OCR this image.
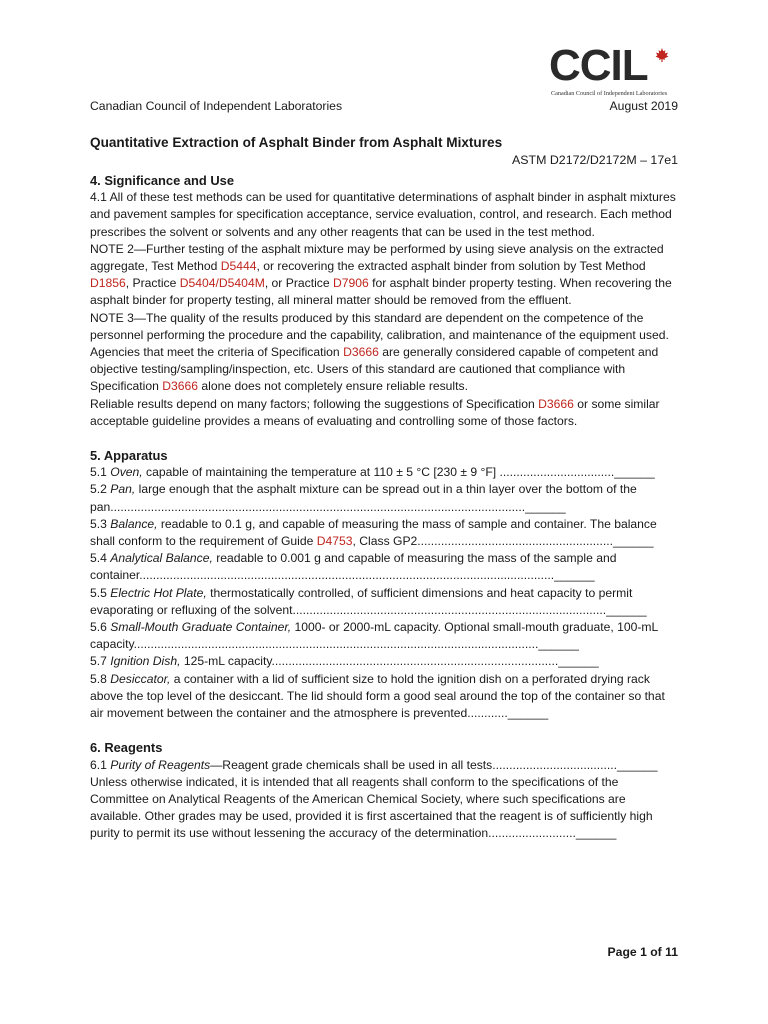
CCIL
Canadian Council of Independent Laboratories
Canadian Council of Independent Laboratories	August 2019
Quantitative Extraction of Asphalt Binder from Asphalt Mixtures
ASTM D2172/D2172M – 17e1

4. Significance and Use

4.1 All of these test methods can be used for quantitative determinations of asphalt binder in asphalt mixtures and pavement samples for specification acceptance, service evaluation, control, and research. Each method prescribes the solvent or solvents and any other reagents that can be used in the test method.

NOTE 2—Further testing of the asphalt mixture may be performed by using sieve analysis on the extracted aggregate, Test Method D5444, or recovering the extracted asphalt binder from solution by Test Method D1856, Practice D5404/D5404M, or Practice D7906 for asphalt binder property testing. When recovering the asphalt binder for property testing, all mineral matter should be removed from the effluent.

NOTE 3—The quality of the results produced by this standard are dependent on the competence of the personnel performing the procedure and the capability, calibration, and maintenance of the equipment used. Agencies that meet the criteria of Specification D3666 are generally considered capable of competent and objective testing/sampling/inspection, etc. Users of this standard are cautioned that compliance with Specification D3666 alone does not completely ensure reliable results.

Reliable results depend on many factors; following the suggestions of Specification D3666 or some similar acceptable guideline provides a means of evaluating and controlling some of those factors.

5. Apparatus

5.1 Oven, capable of maintaining the temperature at 110 ± 5 °C [230 ± 9 °F] ..................................______

5.2 Pan, large enough that the asphalt mixture can be spread out in a thin layer over the bottom of the pan...........................................................................................................................______

5.3 Balance, readable to 0.1 g, and capable of measuring the mass of sample and container. The balance shall conform to the requirement of Guide D4753, Class GP2..........................................................______

5.4 Analytical Balance, readable to 0.001 g and capable of measuring the mass of the sample and container...........................................................................................................................______

5.5 Electric Hot Plate, thermostatically controlled, of sufficient dimensions and heat capacity to permit evaporating or refluxing of the solvent.............................................................................................______

5.6 Small-Mouth Graduate Container, 1000- or 2000-mL capacity. Optional small-mouth graduate, 100-mL capacity........................................................................................................................______

5.7 Ignition Dish, 125-mL capacity.....................................................................................______

5.8 Desiccator, a container with a lid of sufficient size to hold the ignition dish on a perforated drying rack above the top level of the desiccant. The lid should form a good seal around the top of the container so that air movement between the container and the atmosphere is prevented............______

6. Reagents

6.1 Purity of Reagents—Reagent grade chemicals shall be used in all tests.....................................______

Unless otherwise indicated, it is intended that all reagents shall conform to the specifications of the Committee on Analytical Reagents of the American Chemical Society, where such specifications are available. Other grades may be used, provided it is first ascertained that the reagent is of sufficiently high purity to permit its use without lessening the accuracy of the determination..........................______

Page 1 of 11
